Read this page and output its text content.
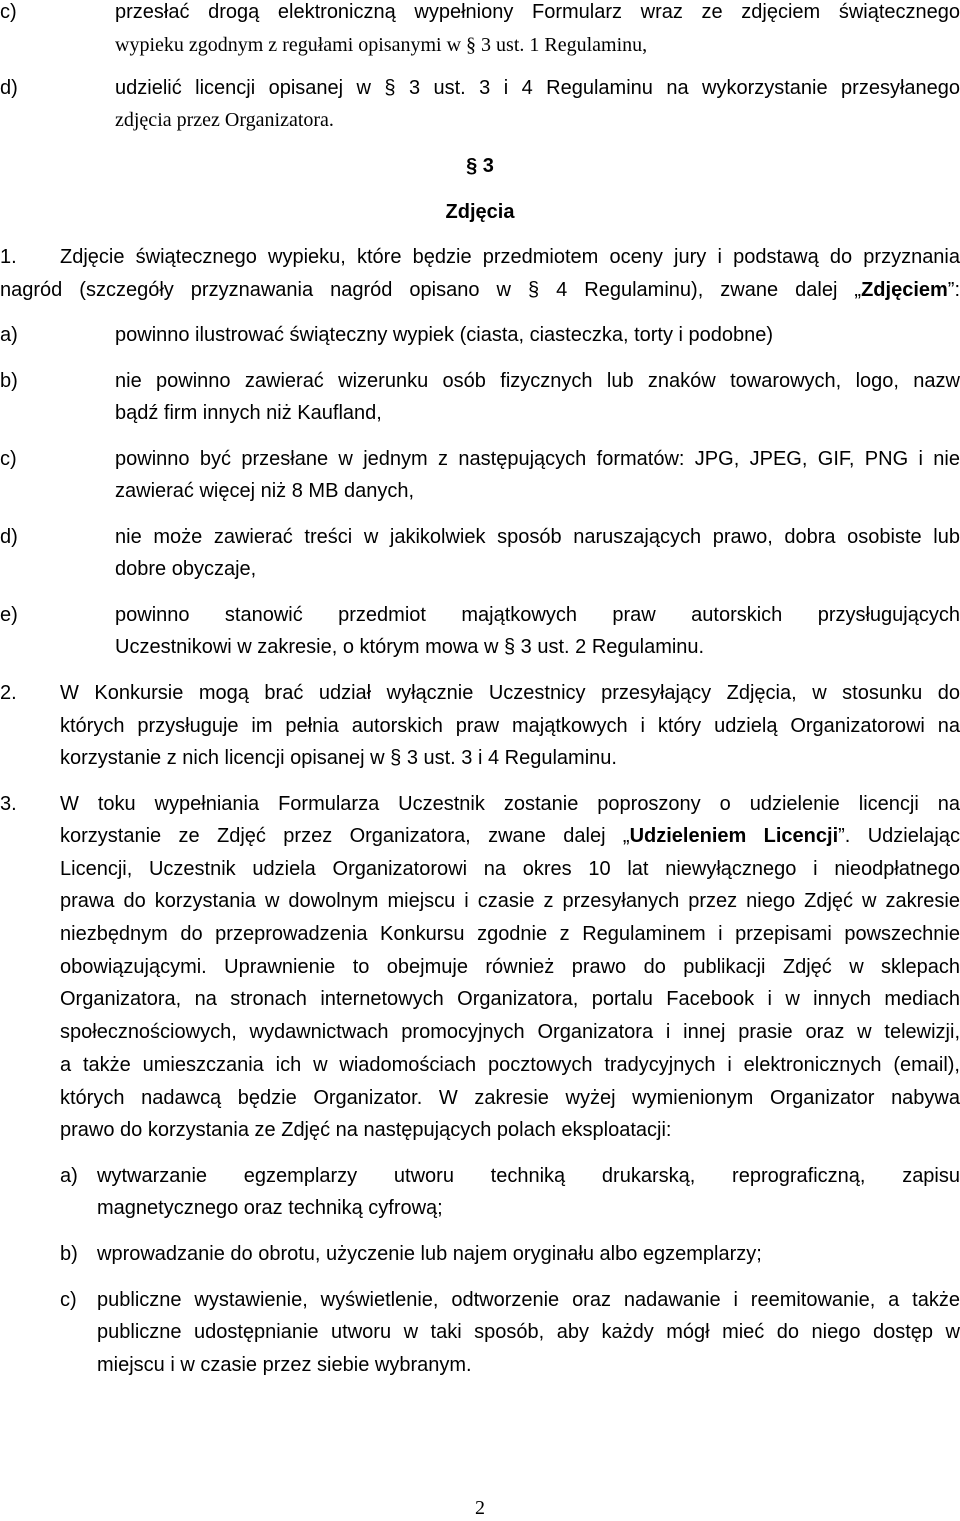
c)	przesłać drogą elektroniczną wypełniony Formularz wraz ze zdjęciem świątecznego
wypieku zgodnym z regułami opisanymi w § 3 ust. 1 Regulaminu,
d)	udzielić licencji opisanej w § 3 ust. 3 i 4 Regulaminu na wykorzystanie przesyłanego
zdjęcia przez Organizatora.
§ 3
Zdjęcia
1. Zdjęcie świątecznego wypieku, które będzie przedmiotem oceny jury i podstawą do przyznania
nagród (szczegóły przyznawania nagród opisano w § 4 Regulaminu), zwane dalej „Zdjęciem”:
a)	powinno ilustrować świąteczny wypiek (ciasta, ciasteczka, torty i podobne)
b)	nie powinno zawierać wizerunku osób fizycznych lub znaków towarowych, logo, nazw
bądź firm innych niż Kaufland,
c)	powinno być przesłane w jednym z następujących formatów: JPG, JPEG, GIF, PNG i nie
zawierać więcej niż 8 MB danych,
d)	nie może zawierać treści w jakikolwiek sposób naruszających prawo, dobra osobiste lub
dobre obyczaje,
e)	powinno stanowić przedmiot majątkowych praw autorskich przysługujących
Uczestnikowi w zakresie, o którym mowa w § 3 ust. 2 Regulaminu.
2. W Konkursie mogą brać udział wyłącznie Uczestnicy przesyłający Zdjęcia, w stosunku do
których przysługuje im pełnia autorskich praw majątkowych i który udzielą Organizatorowi na
korzystanie z nich licencji opisanej w § 3 ust. 3 i 4 Regulaminu.
3. W toku wypełniania Formularza Uczestnik zostanie poproszony o udzielenie licencji na
korzystanie ze Zdjęć przez Organizatora, zwane dalej „Udzieleniem Licencji”. Udzielając
Licencji, Uczestnik udziela Organizatorowi na okres 10 lat niewyłącznego i nieodpłatnego
prawa do korzystania w dowolnym miejscu i czasie z przesyłanych przez niego Zdjęć w zakresie
niezbędnym do przeprowadzenia Konkursu zgodnie z Regulaminem i przepisami powszechnie
obowiązującymi. Uprawnienie to obejmuje również prawo do publikacji Zdjęć w sklepach
Organizatora, na stronach internetowych Organizatora, portalu Facebook i w innych mediach
społecznościowych, wydawnictwach promocyjnych Organizatora i innej prasie oraz w telewizji,
a także umieszczania ich w wiadomościach pocztowych tradycyjnych i elektronicznych (email),
których nadawcą będzie Organizator. W zakresie wyżej wymienionym Organizator nabywa
prawo do korzystania ze Zdjęć na następujących polach eksploatacji:
a) wytwarzanie egzemplarzy utworu techniką drukarską, reprograficzną, zapisu
magnetycznego oraz techniką cyfrową;
b) wprowadzanie do obrotu, użyczenie lub najem oryginału albo egzemplarzy;
c) publiczne wystawienie, wyświetlenie, odtworzenie oraz nadawanie i reemitowanie, a także
publiczne udostępnianie utworu w taki sposób, aby każdy mógł mieć do niego dostęp w
miejscu i w czasie przez siebie wybranym.
2
